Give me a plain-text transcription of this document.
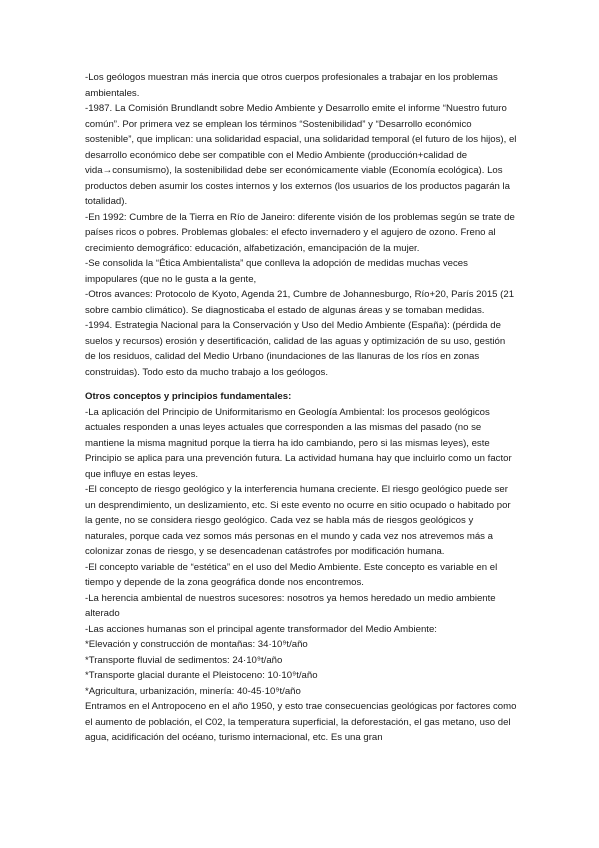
-Los geólogos muestran más inercia que otros cuerpos profesionales a trabajar en los problemas ambientales.

-1987. La Comisión Brundlandt sobre Medio Ambiente y Desarrollo emite el informe “Nuestro futuro común”. Por primera vez se emplean los términos “Sostenibilidad” y “Desarrollo económico sostenible”, que implican: una solidaridad espacial, una solidaridad temporal (el futuro de los hijos), el desarrollo económico debe ser compatible con el Medio Ambiente (producción+calidad de vida→consumismo), la sostenibilidad debe ser económicamente viable (Economía ecológica). Los productos deben asumir los costes internos y los externos (los usuarios de los productos pagarán la totalidad).

-En 1992: Cumbre de la Tierra en Río de Janeiro: diferente visión de los problemas según se trate de países ricos o pobres. Problemas globales: el efecto invernadero y el agujero de ozono. Freno al crecimiento demográfico: educación, alfabetización, emancipación de la mujer.

-Se consolida la “Ética Ambientalista” que conlleva la adopción de medidas muchas veces impopulares (que no le gusta a la gente,

-Otros avances: Protocolo de Kyoto, Agenda 21, Cumbre de Johannesburgo, Río+20, París 2015 (21 sobre cambio climático). Se diagnosticaba el estado de algunas áreas y se tomaban medidas.

-1994. Estrategia Nacional para la Conservación y Uso del Medio Ambiente (España): (pérdida de suelos y recursos) erosión y desertificación, calidad de las aguas y optimización de su uso, gestión de los residuos, calidad del Medio Urbano (inundaciones de las llanuras de los ríos en zonas construidas). Todo esto da mucho trabajo a los geólogos.

Otros conceptos y principios fundamentales:

-La aplicación del Principio de Uniformitarismo en Geología Ambiental: los procesos geológicos actuales responden a unas leyes actuales que corresponden a las mismas del pasado (no se mantiene la misma magnitud porque la tierra ha ido cambiando, pero si las mismas leyes), este Principio se aplica para una prevención futura. La actividad humana hay que incluirlo como un factor que influye en estas leyes.

-El concepto de riesgo geológico y la interferencia humana creciente. El riesgo geológico puede ser un desprendimiento, un deslizamiento, etc. Si este evento no ocurre en sitio ocupado o habitado por la gente, no se considera riesgo geológico. Cada vez se habla más de riesgos geológicos y naturales, porque cada vez somos más personas en el mundo y cada vez nos atrevemos más a colonizar zonas de riesgo, y se desencadenan catástrofes por modificación humana.

-El concepto variable de “estética” en el uso del Medio Ambiente. Este concepto es variable en el tiempo y depende de la zona geográfica donde nos encontremos.

-La herencia ambiental de nuestros sucesores: nosotros ya hemos heredado un medio ambiente alterado

-Las acciones humanas son el principal agente transformador del Medio Ambiente:

*Elevación y construcción de montañas: 34·10⁹t/año

*Transporte fluvial de sedimentos: 24·10⁹t/año

*Transporte glacial durante el Pleistoceno: 10·10⁹t/año

*Agricultura, urbanización, minería: 40-45·10⁹t/año

Entramos en el Antropoceno en el año 1950, y esto trae consecuencias geológicas por factores como el aumento de población, el C02, la temperatura superficial, la deforestación, el gas metano, uso del agua, acidificación del océano, turismo internacional, etc. Es una gran
